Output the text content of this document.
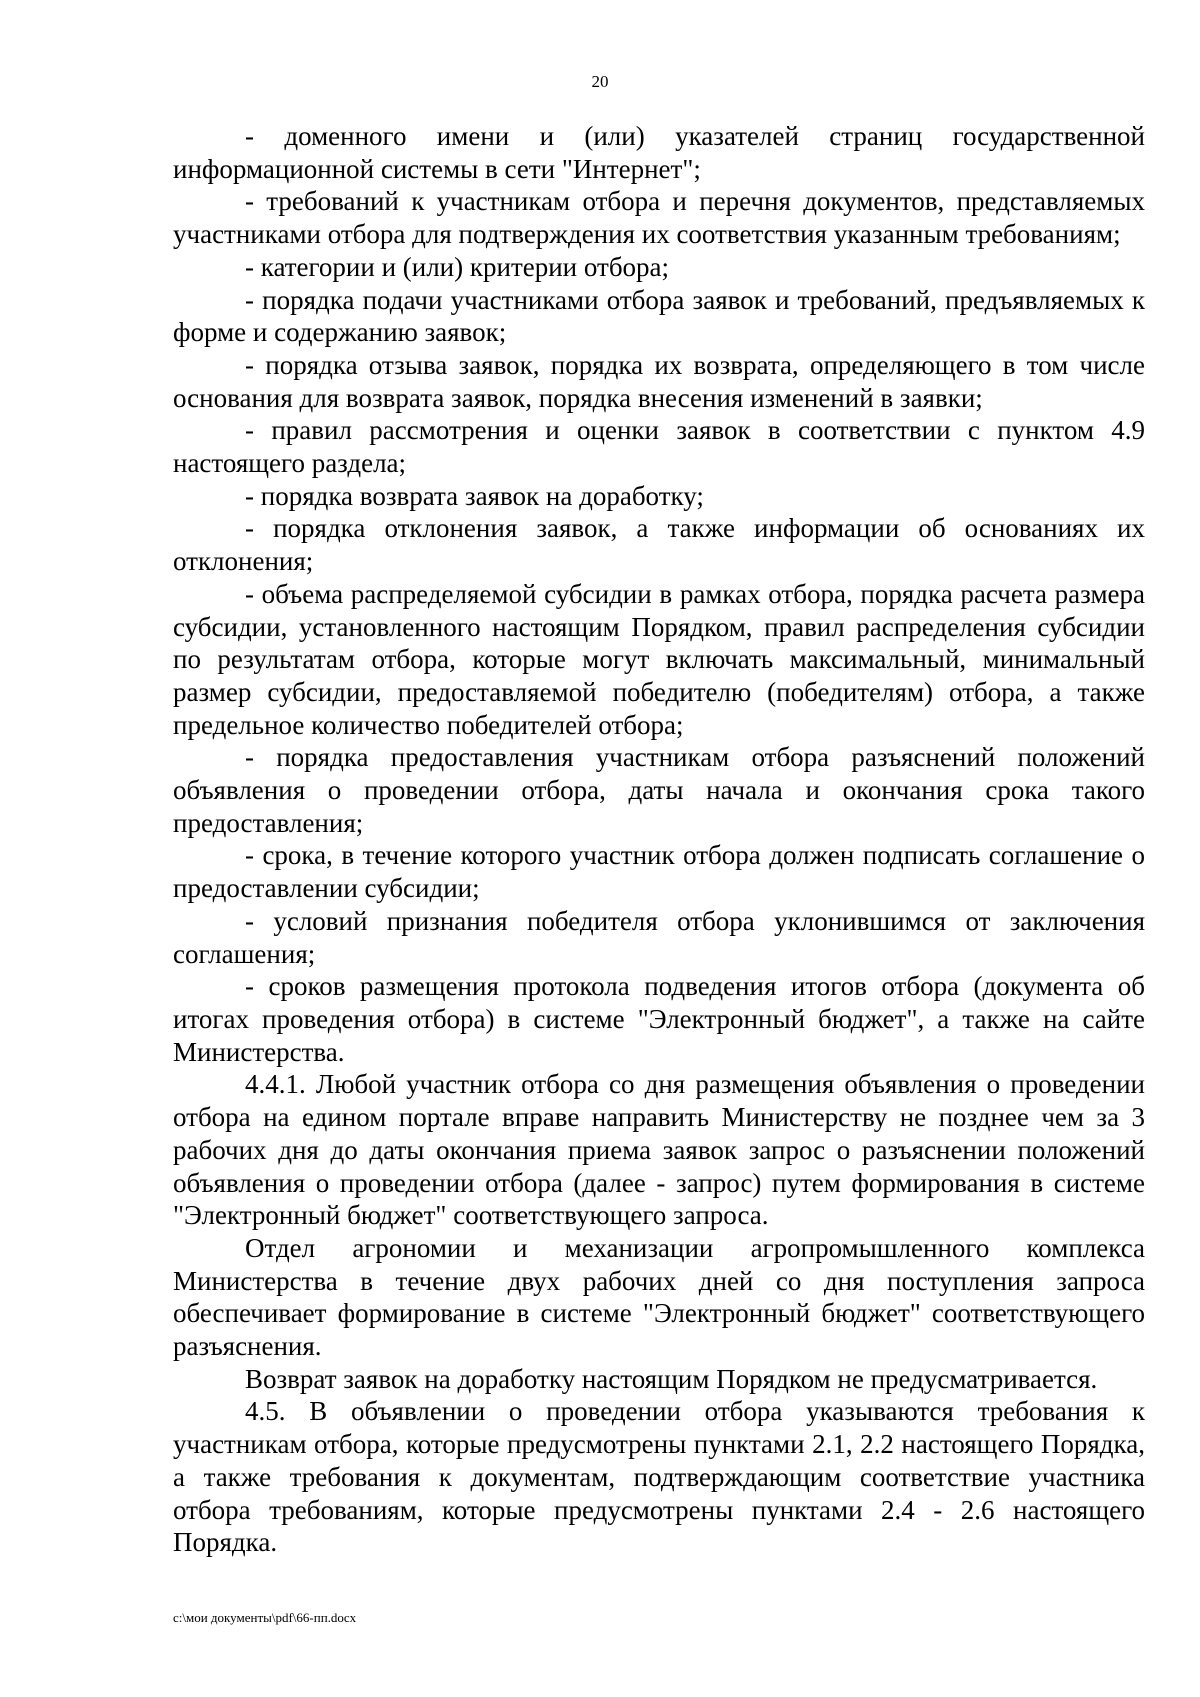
20

- доменного имени и (или) указателей страниц государственной информационной системы в сети "Интернет";

- требований к участникам отбора и перечня документов, представляемых участниками отбора для подтверждения их соответствия указанным требованиям;

- категории и (или) критерии отбора;

- порядка подачи участниками отбора заявок и требований, предъявляемых к форме и содержанию заявок;

- порядка отзыва заявок, порядка их возврата, определяющего в том числе основания для возврата заявок, порядка внесения изменений в заявки;

- правил рассмотрения и оценки заявок в соответствии с пунктом 4.9 настоящего раздела;

- порядка возврата заявок на доработку;

- порядка отклонения заявок, а также информации об основаниях их отклонения;

- объема распределяемой субсидии в рамках отбора, порядка расчета размера субсидии, установленного настоящим Порядком, правил распределения субсидии по результатам отбора, которые могут включать максимальный, минимальный размер субсидии, предоставляемой победителю (победителям) отбора, а также предельное количество победителей отбора;

- порядка предоставления участникам отбора разъяснений положений объявления о проведении отбора, даты начала и окончания срока такого предоставления;

- срока, в течение которого участник отбора должен подписать соглашение о предоставлении субсидии;

- условий признания победителя отбора уклонившимся от заключения соглашения;

- сроков размещения протокола подведения итогов отбора (документа об итогах проведения отбора) в системе "Электронный бюджет", а также на сайте Министерства.

4.4.1. Любой участник отбора со дня размещения объявления о проведении отбора на едином портале вправе направить Министерству не позднее чем за 3 рабочих дня до даты окончания приема заявок запрос о разъяснении положений объявления о проведении отбора (далее - запрос) путем формирования в системе "Электронный бюджет" соответствующего запроса.

Отдел агрономии и механизации агропромышленного комплекса Министерства в течение двух рабочих дней со дня поступления запроса обеспечивает формирование в системе "Электронный бюджет" соответствующего разъяснения.

Возврат заявок на доработку настоящим Порядком не предусматривается.

4.5. В объявлении о проведении отбора указываются требования к участникам отбора, которые предусмотрены пунктами 2.1, 2.2 настоящего Порядка, а также требования к документам, подтверждающим соответствие участника отбора требованиям, которые предусмотрены пунктами 2.4 - 2.6 настоящего Порядка.

c:\мои документы\pdf\66-пп.docx
